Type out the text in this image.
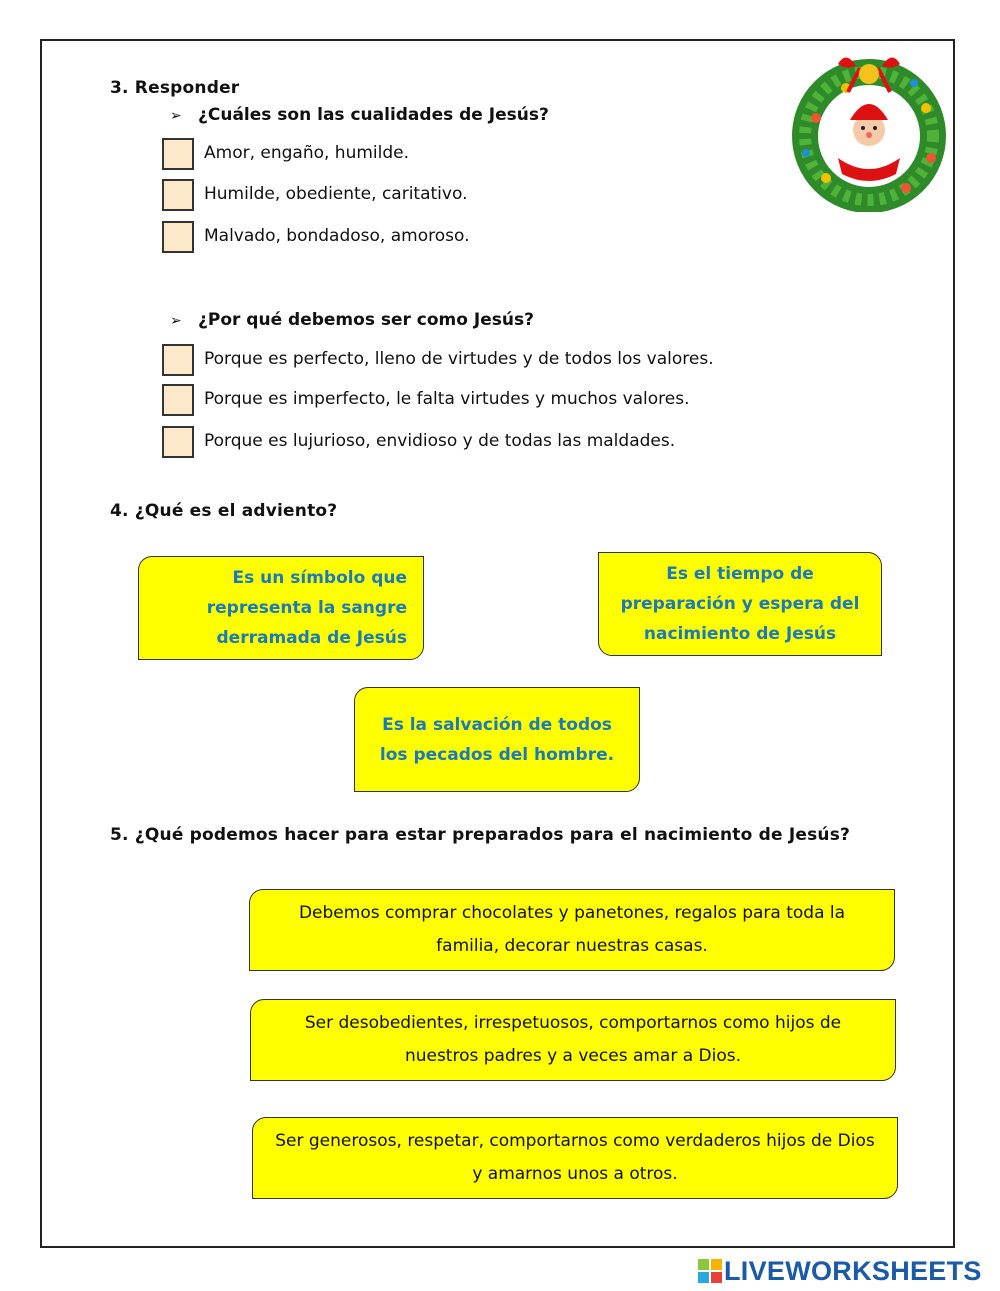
3. Responder
➢ ¿Cuáles son las cualidades de Jesús?
Amor, engaño, humilde.
Humilde, obediente, caritativo.
Malvado, bondadoso, amoroso.
➢ ¿Por qué debemos ser como Jesús?
Porque es perfecto, lleno de virtudes y de todos los valores.
Porque es imperfecto, le falta virtudes y muchos valores.
Porque es lujurioso, envidioso y de todas las maldades.
4. ¿Qué es el adviento?
Es un símbolo que representa la sangre derramada de Jesús
Es el tiempo de preparación y espera del nacimiento de Jesús
Es la salvación de todos los pecados del hombre.
5. ¿Qué podemos hacer para estar preparados para el nacimiento de Jesús?
Debemos comprar chocolates y panetones, regalos para toda la familia, decorar nuestras casas.
Ser desobedientes, irrespetuosos, comportarnos como hijos de nuestros padres y a veces amar a Dios.
Ser generosos, respetar, comportarnos como verdaderos hijos de Dios y amarnos unos a otros.
LIVEWORKSHEETS
